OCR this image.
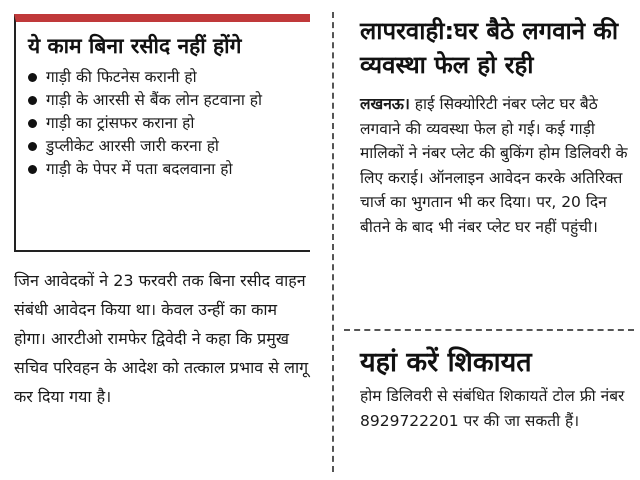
ये काम बिना रसीद नहीं होंगे
गाड़ी की फिटनेस करानी हो
गाड़ी के आरसी से बैंक लोन हटवाना हो
गाड़ी का ट्रांसफर कराना हो
डुप्लीकेट आरसी जारी करना हो
गाड़ी के पेपर में पता बदलवाना हो

जिन आवेदकों ने 23 फरवरी तक बिना रसीद वाहन संबंधी आवेदन किया था। केवल उन्हीं का काम होगा। आरटीओ रामफेर द्विवेदी ने कहा कि प्रमुख सचिव परिवहन के आदेश को तत्काल प्रभाव से लागू कर दिया गया है।

लापरवाही:घर बैठे लगवाने की व्यवस्था फेल हो रही

लखनऊ। हाई सिक्योरिटी नंबर प्लेट घर बैठे लगवाने की व्यवस्था फेल हो गई। कई गाड़ी मालिकों ने नंबर प्लेट की बुकिंग होम डिलिवरी के लिए कराई। ऑनलाइन आवेदन करके अतिरिक्त चार्ज का भुगतान भी कर दिया। पर, 20 दिन बीतने के बाद भी नंबर प्लेट घर नहीं पहुंची।

यहां करें शिकायत

होम डिलिवरी से संबंधित शिकायतें टोल फ्री नंबर 8929722201 पर की जा सकती हैं।
